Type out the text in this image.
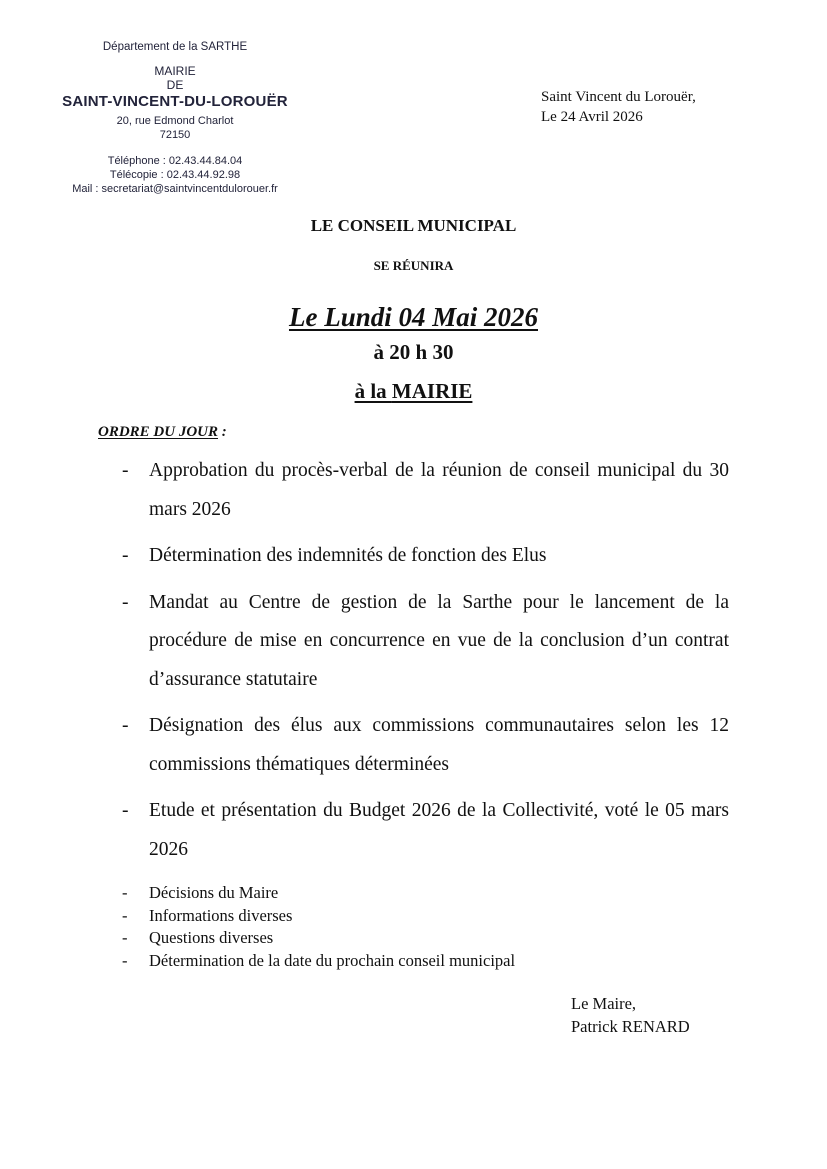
Département de la SARTHE
MAIRIE
DE
SAINT-VINCENT-DU-LOROUËR
20, rue Edmond Charlot
72150
Téléphone : 02.43.44.84.04
Télécopie : 02.43.44.92.98
Mail : secretariat@saintvincentdulorouer.fr
Saint Vincent du Lorouër,
Le 24 Avril 2026
LE CONSEIL MUNICIPAL
SE RÉUNIRA
Le Lundi 04 Mai 2026
à 20 h 30
à la MAIRIE
ORDRE DU JOUR :
- Approbation du procès-verbal de la réunion de conseil municipal du 30 mars 2026
- Détermination des indemnités de fonction des Elus
- Mandat au Centre de gestion de la Sarthe pour le lancement de la procédure de mise en concurrence en vue de la conclusion d’un contrat d’assurance statutaire
- Désignation des élus aux commissions communautaires selon les 12 commissions thématiques déterminées
- Etude et présentation du Budget 2026 de la Collectivité, voté le 05 mars 2026
- Décisions du Maire
- Informations diverses
- Questions diverses
- Détermination de la date du prochain conseil municipal
Le Maire,
Patrick RENARD
